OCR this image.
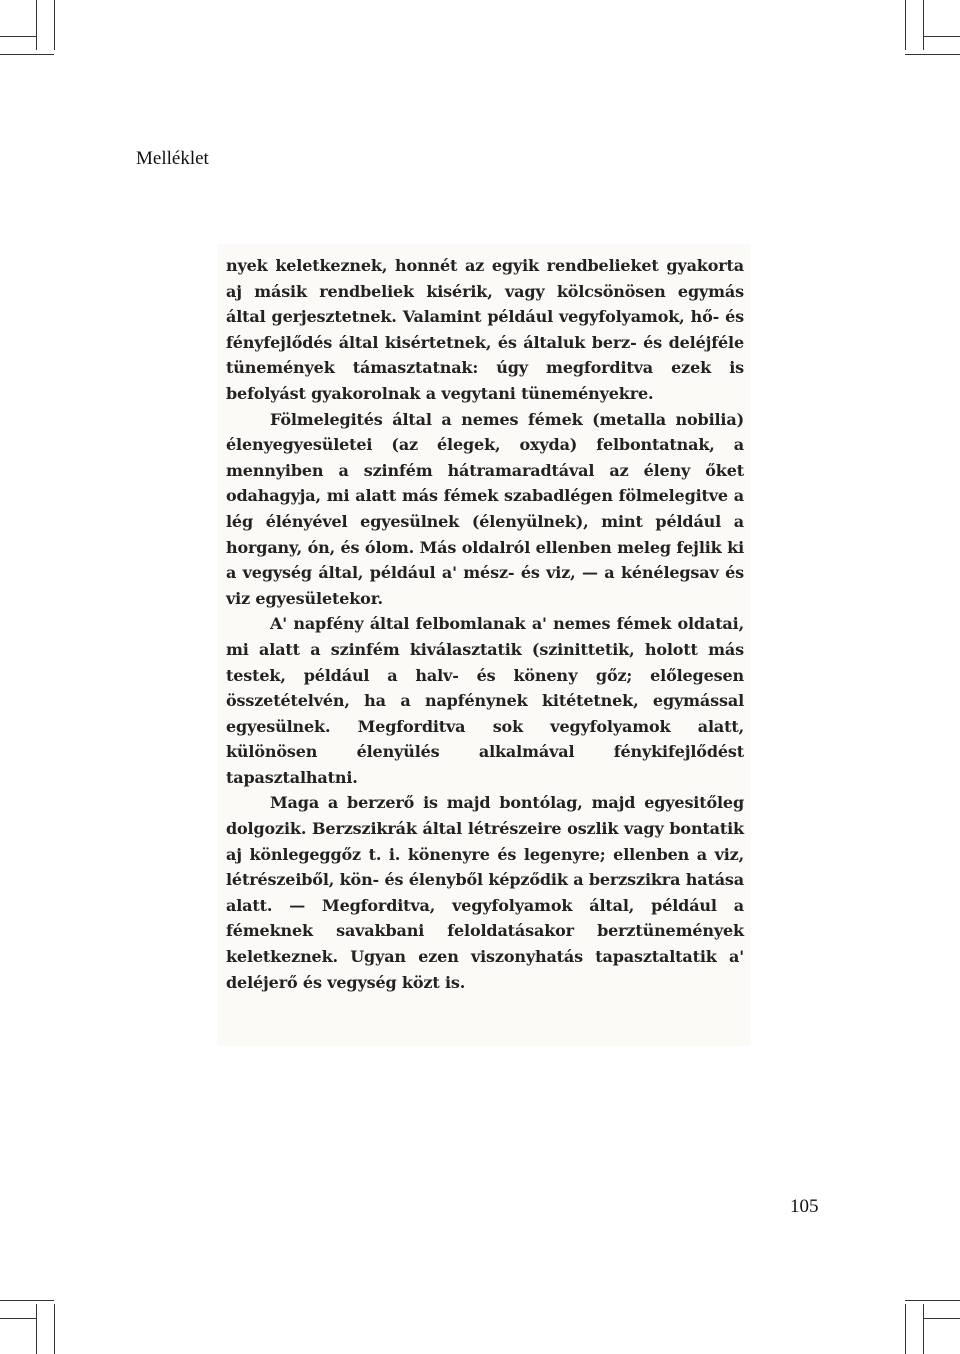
Melléklet

nyek keletkeznek, honnét az egyik rendbelieket gyakorta aj másik rendbeliek kisérik, vagy kölcsönösen egymás által gerjesztetnek. Valamint például vegyfolyamok, hő- és fényfejlődés által kisértetnek, és általuk berz- és deléjféle tünemények támasztatnak: úgy megforditva ezek is befolyást gyakorolnak a vegytani tüneményekre.

Fölmelegités által a nemes fémek (metalla nobilia) élenyegyesületei (az élegek, oxyda) felbontatnak, a mennyiben a szinfém hátramaradtával az éleny őket odahagyja, mi alatt más fémek szabadlégen fölmelegitve a lég élényével egyesülnek (élenyülnek), mint például a horgany, ón, és ólom. Más oldalról ellenben meleg fejlik ki a vegység által, például a' mész- és viz, — a kénélegsav és viz egyesületekor.

A' napfény által felbomlanak a' nemes fémek oldatai, mi alatt a szinfém kiválasztatik (szinittetik, holott más testek, például a halv- és könenу gőz; előlegesen összetételvén, ha a napfénynek kitétetnek, egymással egyesülnek. Megforditva sok vegyfolyamok alatt, különösen élenyülés alkalmával fénykifejlődést tapasztalhatni.

Maga a berzerő is majd bontólag, majd egyesitőleg dolgozik. Berzszikrák által létrészeire oszlik vagy bontatik aj könlegeggőz t. i. könenyre és legenyre; ellenben a viz, létrészeiből, kön- és élenyből képződik a berzszikra hatása alatt. — Megforditva, vegyfolyamok által, például a fémeknek savakbani feloldatásakor berztünemények keletkeznek. Ugyan ezen viszonyhatás tapasztaltatik a' deléjerő és vegység közt is.

105
